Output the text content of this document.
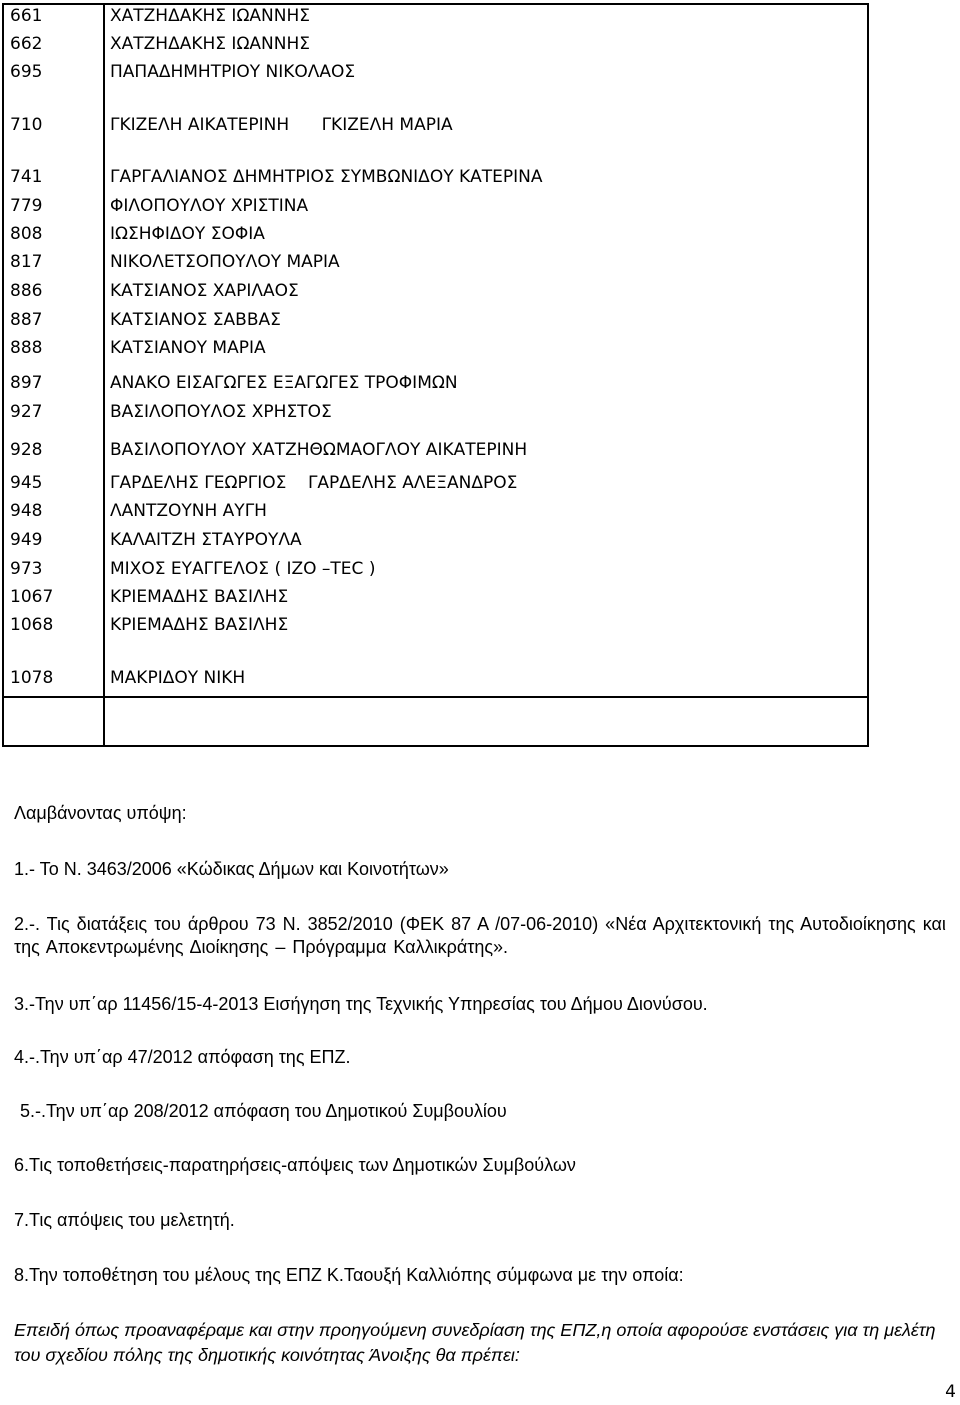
661	ΧΑΤΖΗΔΑΚΗΣ ΙΩΑΝΝΗΣ
662	ΧΑΤΖΗΔΑΚΗΣ ΙΩΑΝΝΗΣ
695	ΠΑΠΑΔΗΜΗΤΡΙΟΥ ΝΙΚΟΛΑΟΣ
710	ΓΚΙΖΕΛΗ ΑΙΚΑΤΕΡΙΝΗ      ΓΚΙΖΕΛΗ ΜΑΡΙΑ
741	ΓΑΡΓΑΛΙΑΝΟΣ ΔΗΜΗΤΡΙΟΣ ΣΥΜΒΩΝΙΔΟΥ ΚΑΤΕΡΙΝΑ
779	ΦΙΛΟΠΟΥΛΟΥ ΧΡΙΣΤΙΝΑ
808	ΙΩΣΗΦΙΔΟΥ ΣΟΦΙΑ
817	ΝΙΚΟΛΕΤΣΟΠΟΥΛΟΥ ΜΑΡΙΑ
886	ΚΑΤΣΙΑΝΟΣ ΧΑΡΙΛΑΟΣ
887	ΚΑΤΣΙΑΝΟΣ ΣΑΒΒΑΣ
888	ΚΑΤΣΙΑΝΟΥ ΜΑΡΙΑ
897	ΑΝΑΚΟ ΕΙΣΑΓΩΓΕΣ ΕΞΑΓΩΓΕΣ ΤΡΟΦΙΜΩΝ
927	ΒΑΣΙΛΟΠΟΥΛΟΣ ΧΡΗΣΤΟΣ
928	ΒΑΣΙΛΟΠΟΥΛΟΥ ΧΑΤΖΗΘΩΜΑΟΓΛΟΥ ΑΙΚΑΤΕΡΙΝΗ
945	ΓΑΡΔΕΛΗΣ ΓΕΩΡΓΙΟΣ    ΓΑΡΔΕΛΗΣ ΑΛΕΞΑΝΔΡΟΣ
948	ΛΑΝΤΖΟΥΝΗ ΑΥΓΗ
949	ΚΑΛΑΙΤΖΗ ΣΤΑΥΡΟΥΛΑ
973	ΜΙΧΟΣ ΕΥΑΓΓΕΛΟΣ ( ΙΖΟ –TEC )
1067	ΚΡΙΕΜΑΔΗΣ ΒΑΣΙΛΗΣ
1068	ΚΡΙΕΜΑΔΗΣ ΒΑΣΙΛΗΣ
1078	ΜΑΚΡΙΔΟΥ ΝΙΚΗ

Λαμβάνοντας υπόψη:

1.- Το Ν. 3463/2006 «Κώδικας Δήμων και Κοινοτήτων»

2.-. Τις διατάξεις του άρθρου 73 Ν. 3852/2010 (ΦΕΚ 87 Α /07-06-2010) «Νέα Αρχιτεκτονική της Αυτοδιοίκησης και της Αποκεντρωμένης Διοίκησης – Πρόγραμμα Καλλικράτης».

3.-Την υπ΄αρ 11456/15-4-2013 Εισήγηση της Τεχνικής Υπηρεσίας του Δήμου Διονύσου.

4.-.Την υπ΄αρ 47/2012 απόφαση της ΕΠΖ.

5.-.Την υπ΄αρ 208/2012 απόφαση του Δημοτικού Συμβουλίου

6.Τις τοποθετήσεις-παρατηρήσεις-απόψεις των Δημοτικών Συμβούλων

7.Τις απόψεις του μελετητή.

8.Την τοποθέτηση του μέλους της ΕΠΖ Κ.Ταουξή Καλλιόπης σύμφωνα με την οποία:

Επειδή όπως προαναφέραμε και στην προηγούμενη συνεδρίαση της ΕΠΖ,η οποία αφορούσε ενστάσεις για τη μελέτη του σχεδίου πόλης της δημοτικής κοινότητας Άνοιξης θα πρέπει:

4
